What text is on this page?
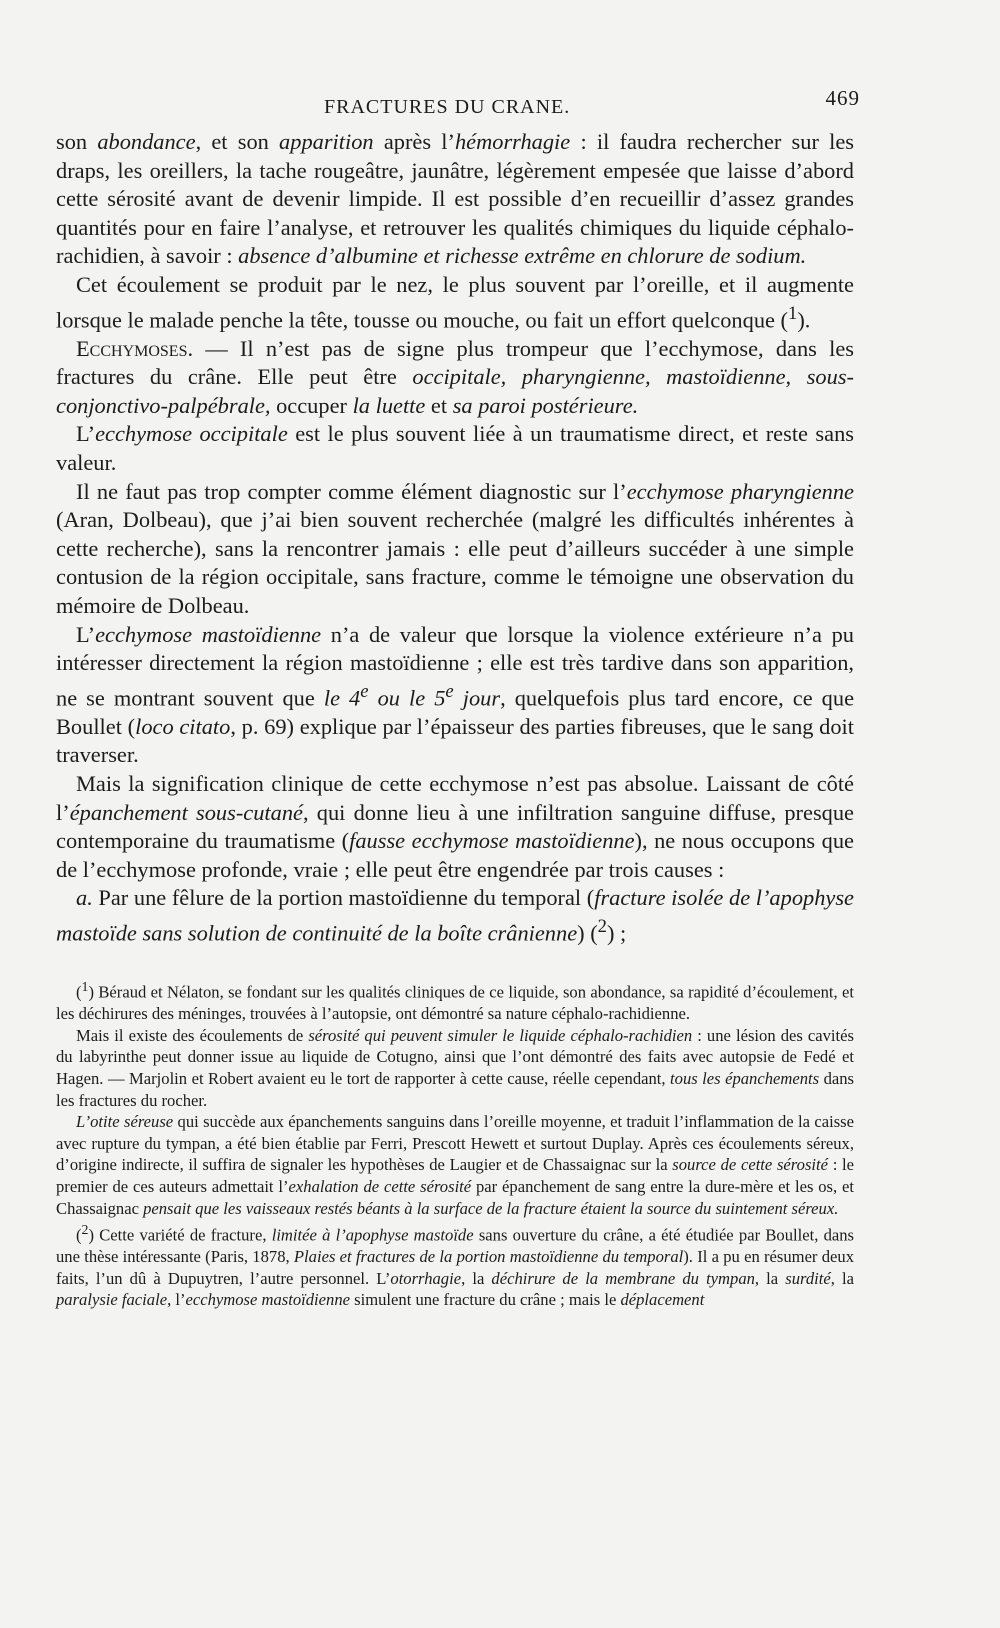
FRACTURES DU CRANE.	469

son abondance, et son apparition après l’hémorrhagie : il faudra rechercher sur les draps, les oreillers, la tache rougeâtre, jaunâtre, légèrement empesée que laisse d’abord cette sérosité avant de devenir limpide. Il est possible d’en recueillir d’assez grandes quantités pour en faire l’analyse, et retrouver les qualités chimiques du liquide céphalo-rachidien, à savoir : absence d’albumine et richesse extrême en chlorure de sodium.

Cet écoulement se produit par le nez, le plus souvent par l’oreille, et il augmente lorsque le malade penche la tête, tousse ou mouche, ou fait un effort quelconque ($^1$).

Ecchymoses. — Il n’est pas de signe plus trompeur que l’ecchymose, dans les fractures du crâne. Elle peut être occipitale, pharyngienne, mastoïdienne, sous-conjonctivo-palpébrale, occuper la luette et sa paroi postérieure.

L’ecchymose occipitale est le plus souvent liée à un traumatisme direct, et reste sans valeur.

Il ne faut pas trop compter comme élément diagnostic sur l’ecchymose pharyngienne (Aran, Dolbeau), que j’ai bien souvent recherchée (malgré les difficultés inhérentes à cette recherche), sans la rencontrer jamais : elle peut d’ailleurs succéder à une simple contusion de la région occipitale, sans fracture, comme le témoigne une observation du mémoire de Dolbeau.

L’ecchymose mastoïdienne n’a de valeur que lorsque la violence extérieure n’a pu intéresser directement la région mastoïdienne ; elle est très tardive dans son apparition, ne se montrant souvent que le 4e ou le 5e jour, quelquefois plus tard encore, ce que Boullet (loco citato, p. 69) explique par l’épaisseur des parties fibreuses, que le sang doit traverser.

Mais la signification clinique de cette ecchymose n’est pas absolue. Laissant de côté l’épanchement sous-cutané, qui donne lieu à une infiltration sanguine diffuse, presque contemporaine du traumatisme (fausse ecchymose mastoïdienne), ne nous occupons que de l’ecchymose profonde, vraie ; elle peut être engendrée par trois causes :

a. Par une fêlure de la portion mastoïdienne du temporal (fracture isolée de l’apophyse mastoïde sans solution de continuité de la boîte crânienne) ($^2$) ;

($^1$) Béraud et Nélaton, se fondant sur les qualités cliniques de ce liquide, son abondance, sa rapidité d’écoulement, et les déchirures des méninges, trouvées à l’autopsie, ont démontré sa nature céphalo-rachidienne.

Mais il existe des écoulements de sérosité qui peuvent simuler le liquide céphalo-rachidien : une lésion des cavités du labyrinthe peut donner issue au liquide de Cotugno, ainsi que l’ont démontré des faits avec autopsie de Fedé et Hagen. — Marjolin et Robert avaient eu le tort de rapporter à cette cause, réelle cependant, tous les épanchements dans les fractures du rocher.

L’otite séreuse qui succède aux épanchements sanguins dans l’oreille moyenne, et traduit l’inflammation de la caisse avec rupture du tympan, a été bien établie par Ferri, Prescott Hewett et surtout Duplay. Après ces écoulements séreux, d’origine indirecte, il suffira de signaler les hypothèses de Laugier et de Chassaignac sur la source de cette sérosité : le premier de ces auteurs admettait l’exhalation de cette sérosité par épanchement de sang entre la dure-mère et les os, et Chassaignac pensait que les vaisseaux restés béants à la surface de la fracture étaient la source du suintement séreux.

($^2$) Cette variété de fracture, limitée à l’apophyse mastoïde sans ouverture du crâne, a été étudiée par Boullet, dans une thèse intéressante (Paris, 1878, Plaies et fractures de la portion mastoïdienne du temporal). Il a pu en résumer deux faits, l’un dû à Dupuytren, l’autre personnel. L’otorrhagie, la déchirure de la membrane du tympan, la surdité, la paralysie faciale, l’ecchymose mastoïdienne simulent une fracture du crâne ; mais le déplacement
